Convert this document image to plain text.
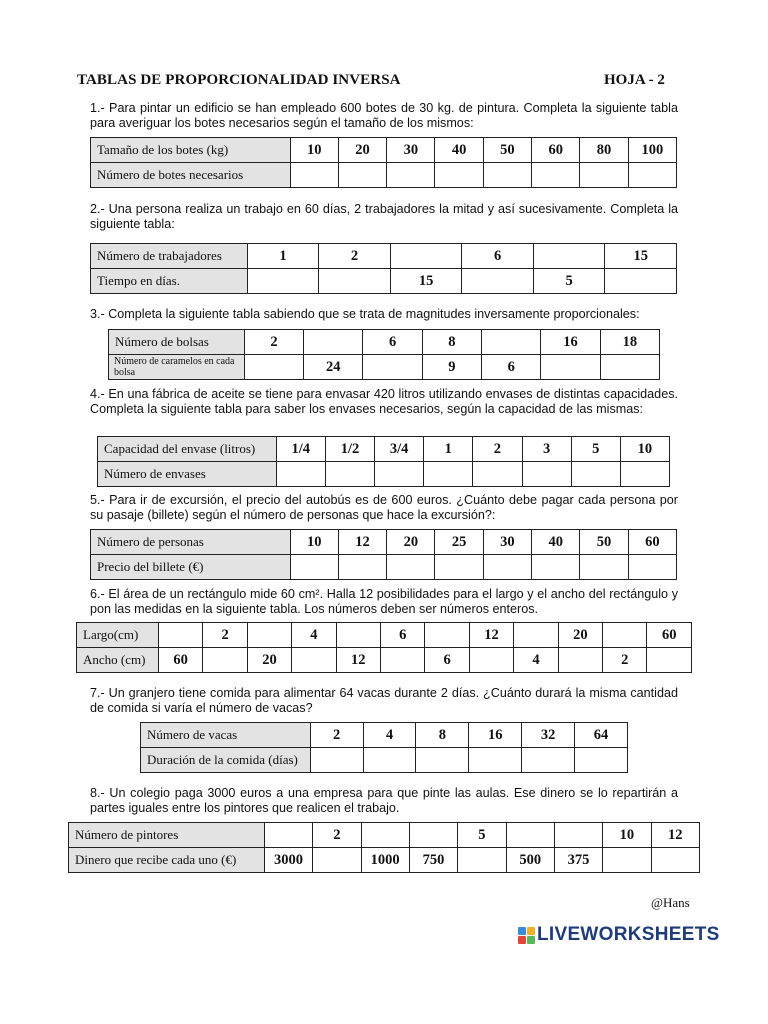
TABLAS DE PROPORCIONALIDAD INVERSA	HOJA - 2
1.- Para pintar un edificio se han empleado 600 botes de 30 kg. de pintura. Completa la siguiente tabla para averiguar los botes necesarios según el tamaño de los mismos:
Tamaño de los botes (kg)	10	20	30	40	50	60	80	100
Número de botes necesarios								
2.- Una persona realiza un trabajo en 60 días, 2 trabajadores la mitad y así sucesivamente. Completa la siguiente tabla:
Número de trabajadores	1	2		6		15
Tiempo en días.			15		5	
3.- Completa la siguiente tabla sabiendo que se trata de magnitudes inversamente proporcionales:
Número de bolsas	2		6	8		16	18
Número de caramelos en cada bolsa		24		9	6		
4.- En una fábrica de aceite se tiene para envasar 420 litros utilizando envases de distintas capacidades. Completa la siguiente tabla para saber los envases necesarios, según la capacidad de las mismas:
Capacidad del envase (litros)	1/4	1/2	3/4	1	2	3	5	10
Número de envases								
5.- Para ir de excursión, el precio del autobús es de 600 euros. ¿Cuánto debe pagar cada persona por su pasaje (billete) según el número de personas que hace la excursión?:
Número de personas	10	12	20	25	30	40	50	60
Precio del billete (€)								
6.- El área de un rectángulo mide 60 cm². Halla 12 posibilidades para el largo y el ancho del rectángulo y pon las medidas en la siguiente tabla. Los números deben ser números enteros.
Largo(cm)		2		4		6		12		20		60
Ancho (cm)	60		20		12		6		4		2	
7.- Un granjero tiene comida para alimentar 64 vacas durante 2 días. ¿Cuánto durará la misma cantidad de comida si varía el número de vacas?
Número de vacas	2	4	8	16	32	64
Duración de la comida (días)						
8.- Un colegio paga 3000 euros a una empresa para que pinte las aulas. Ese dinero se lo repartirán a partes iguales entre los pintores que realicen el trabajo.
Número de pintores		2			5			10	12
Dinero que recibe cada uno (€)	3000		1000	750		500	375		
@Hans
LIVEWORKSHEETS
